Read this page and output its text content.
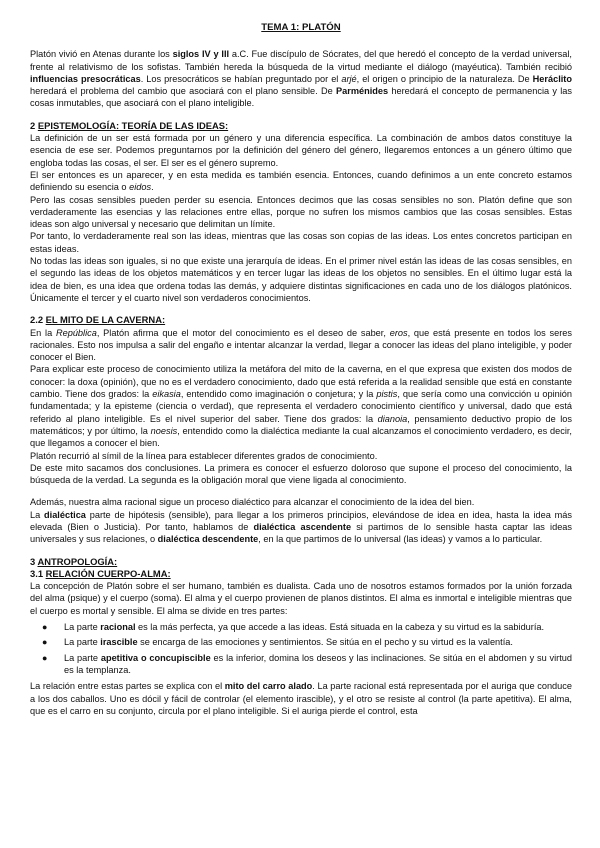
TEMA 1: PLATÓN

Platón vivió en Atenas durante los siglos IV y III a.C. Fue discípulo de Sócrates, del que heredó el concepto de la verdad universal, frente al relativismo de los sofistas. También hereda la búsqueda de la virtud mediante el diálogo (mayéutica). También recibió influencias presocráticas. Los presocráticos se habían preguntado por el arjé, el origen o principio de la naturaleza. De Heráclito heredará el problema del cambio que asociará con el plano sensible. De Parménides heredará el concepto de permanencia y las cosas inmutables, que asociará con el plano inteligible.

2 EPISTEMOLOGÍA: TEORÍA DE LAS IDEAS:

La definición de un ser está formada por un género y una diferencia específica. La combinación de ambos datos constituye la esencia de ese ser. Podemos preguntarnos por la definición del género del género, llegaremos entonces a un género último que engloba todas las cosas, el ser. El ser es el género supremo.

El ser entonces es un aparecer, y en esta medida es también esencia. Entonces, cuando definimos a un ente concreto estamos definiendo su esencia o eidos.

Pero las cosas sensibles pueden perder su esencia. Entonces decimos que las cosas sensibles no son. Platón define que son verdaderamente las esencias y las relaciones entre ellas, porque no sufren los mismos cambios que las cosas sensibles. Estas ideas son algo universal y necesario que delimitan un límite.

Por tanto, lo verdaderamente real son las ideas, mientras que las cosas son copias de las ideas. Los entes concretos participan en estas ideas.

No todas las ideas son iguales, si no que existe una jerarquía de ideas. En el primer nivel están las ideas de las cosas sensibles, en el segundo las ideas de los objetos matemáticos y en tercer lugar las ideas de los objetos no sensibles. En el último lugar está la idea de bien, es una idea que ordena todas las demás, y adquiere distintas significaciones en cada uno de los diálogos platónicos. Únicamente el tercer y el cuarto nivel son verdaderos conocimientos.

2.2 EL MITO DE LA CAVERNA:

En la República, Platón afirma que el motor del conocimiento es el deseo de saber, eros, que está presente en todos los seres racionales. Esto nos impulsa a salir del engaño e intentar alcanzar la verdad, llegar a conocer las ideas del plano inteligible, y poder conocer el Bien.

Para explicar este proceso de conocimiento utiliza la metáfora del mito de la caverna, en el que expresa que existen dos modos de conocer: la doxa (opinión), que no es el verdadero conocimiento, dado que está referida a la realidad sensible que está en constante cambio. Tiene dos grados: la eikasia, entendido como imaginación o conjetura; y la pistis, que sería como una convicción u opinión fundamentada; y la episteme (ciencia o verdad), que representa el verdadero conocimiento científico y universal, dado que está referido al plano inteligible. Es el nivel superior del saber. Tiene dos grados: la dianoia, pensamiento deductivo propio de los matemáticos; y por último, la noesis, entendido como la dialéctica mediante la cual alcanzamos el conocimiento verdadero, es decir, que llegamos a conocer el bien.

Platón recurrió al símil de la línea para establecer diferentes grados de conocimiento.

De este mito sacamos dos conclusiones. La primera es conocer el esfuerzo doloroso que supone el proceso del conocimiento, la búsqueda de la verdad. La segunda es la obligación moral que viene ligada al conocimiento.

Además, nuestra alma racional sigue un proceso dialéctico para alcanzar el conocimiento de la idea del bien.

La dialéctica parte de hipótesis (sensible), para llegar a los primeros principios, elevándose de idea en idea, hasta la idea más elevada (Bien o Justicia). Por tanto, hablamos de dialéctica ascendente si partimos de lo sensible hasta captar las ideas universales y sus relaciones, o dialéctica descendente, en la que partimos de lo universal (las ideas) y vamos a lo particular.

3 ANTROPOLOGÍA:
3.1 RELACIÓN CUERPO-ALMA:

La concepción de Platón sobre el ser humano, también es dualista. Cada uno de nosotros estamos formados por la unión forzada del alma (psique) y el cuerpo (soma). El alma y el cuerpo provienen de planos distintos. El alma es inmortal e inteligible mientras que el cuerpo es mortal y sensible. El alma se divide en tres partes:

● La parte racional es la más perfecta, ya que accede a las ideas. Está situada en la cabeza y su virtud es la sabiduría.
● La parte irascible se encarga de las emociones y sentimientos. Se sitúa en el pecho y su virtud es la valentía.
● La parte apetitiva o concupiscible es la inferior, domina los deseos y las inclinaciones. Se sitúa en el abdomen y su virtud es la templanza.

La relación entre estas partes se explica con el mito del carro alado. La parte racional está representada por el auriga que conduce a los dos caballos. Uno es dócil y fácil de controlar (el elemento irascible), y el otro se resiste al control (la parte apetitiva). El alma, que es el carro en su conjunto, circula por el plano inteligible. Si el auriga pierde el control, esta
